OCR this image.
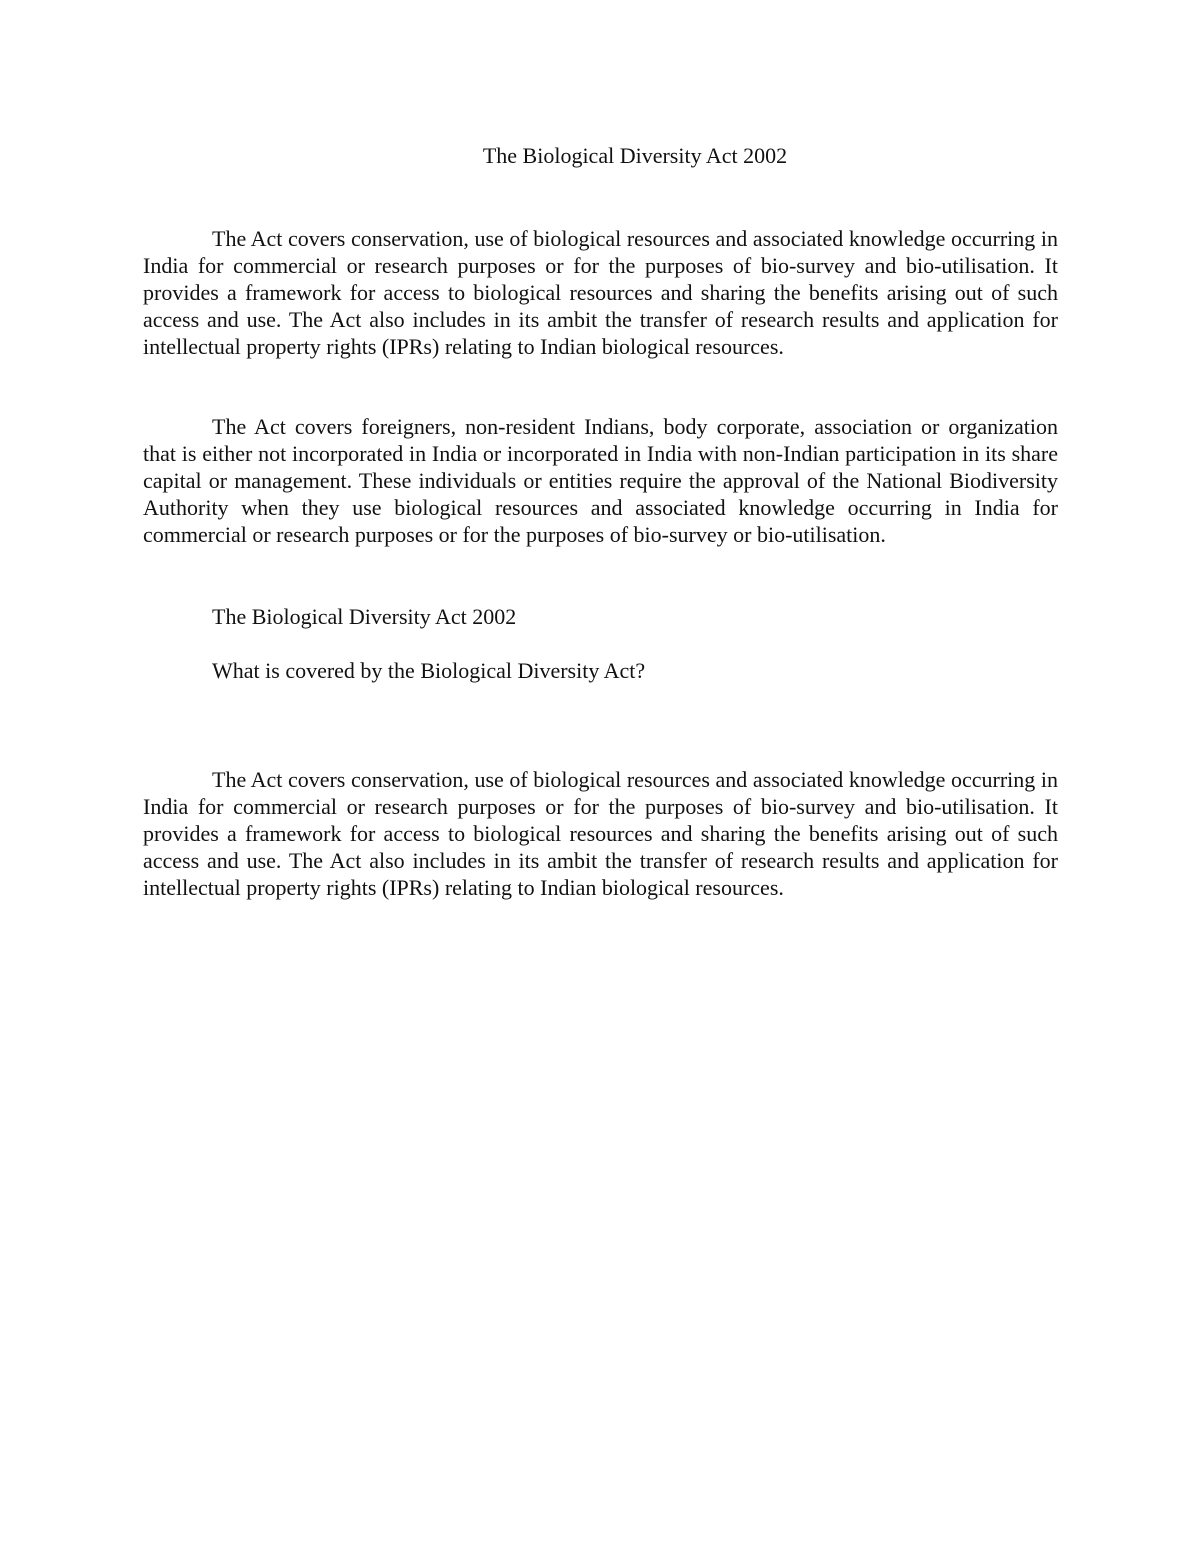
The Biological Diversity Act 2002

The Act covers conservation, use of biological resources and associated knowledge occurring in India for commercial or research purposes or for the purposes of bio-survey and bio-utilisation. It provides a framework for access to biological resources and sharing the benefits arising out of such access and use. The Act also includes in its ambit the transfer of research results and application for intellectual property rights (IPRs) relating to Indian biological resources.

The Act covers foreigners, non-resident Indians, body corporate, association or organization that is either not incorporated in India or incorporated in India with non-Indian participation in its share capital or management. These individuals or entities require the approval of the National Biodiversity Authority when they use biological resources and associated knowledge occurring in India for commercial or research purposes or for the purposes of bio-survey or bio-utilisation.

The Biological Diversity Act 2002

What is covered by the Biological Diversity Act?

The Act covers conservation, use of biological resources and associated knowledge occurring in India for commercial or research purposes or for the purposes of bio-survey and bio-utilisation. It provides a framework for access to biological resources and sharing the benefits arising out of such access and use. The Act also includes in its ambit the transfer of research results and application for intellectual property rights (IPRs) relating to Indian biological resources.
